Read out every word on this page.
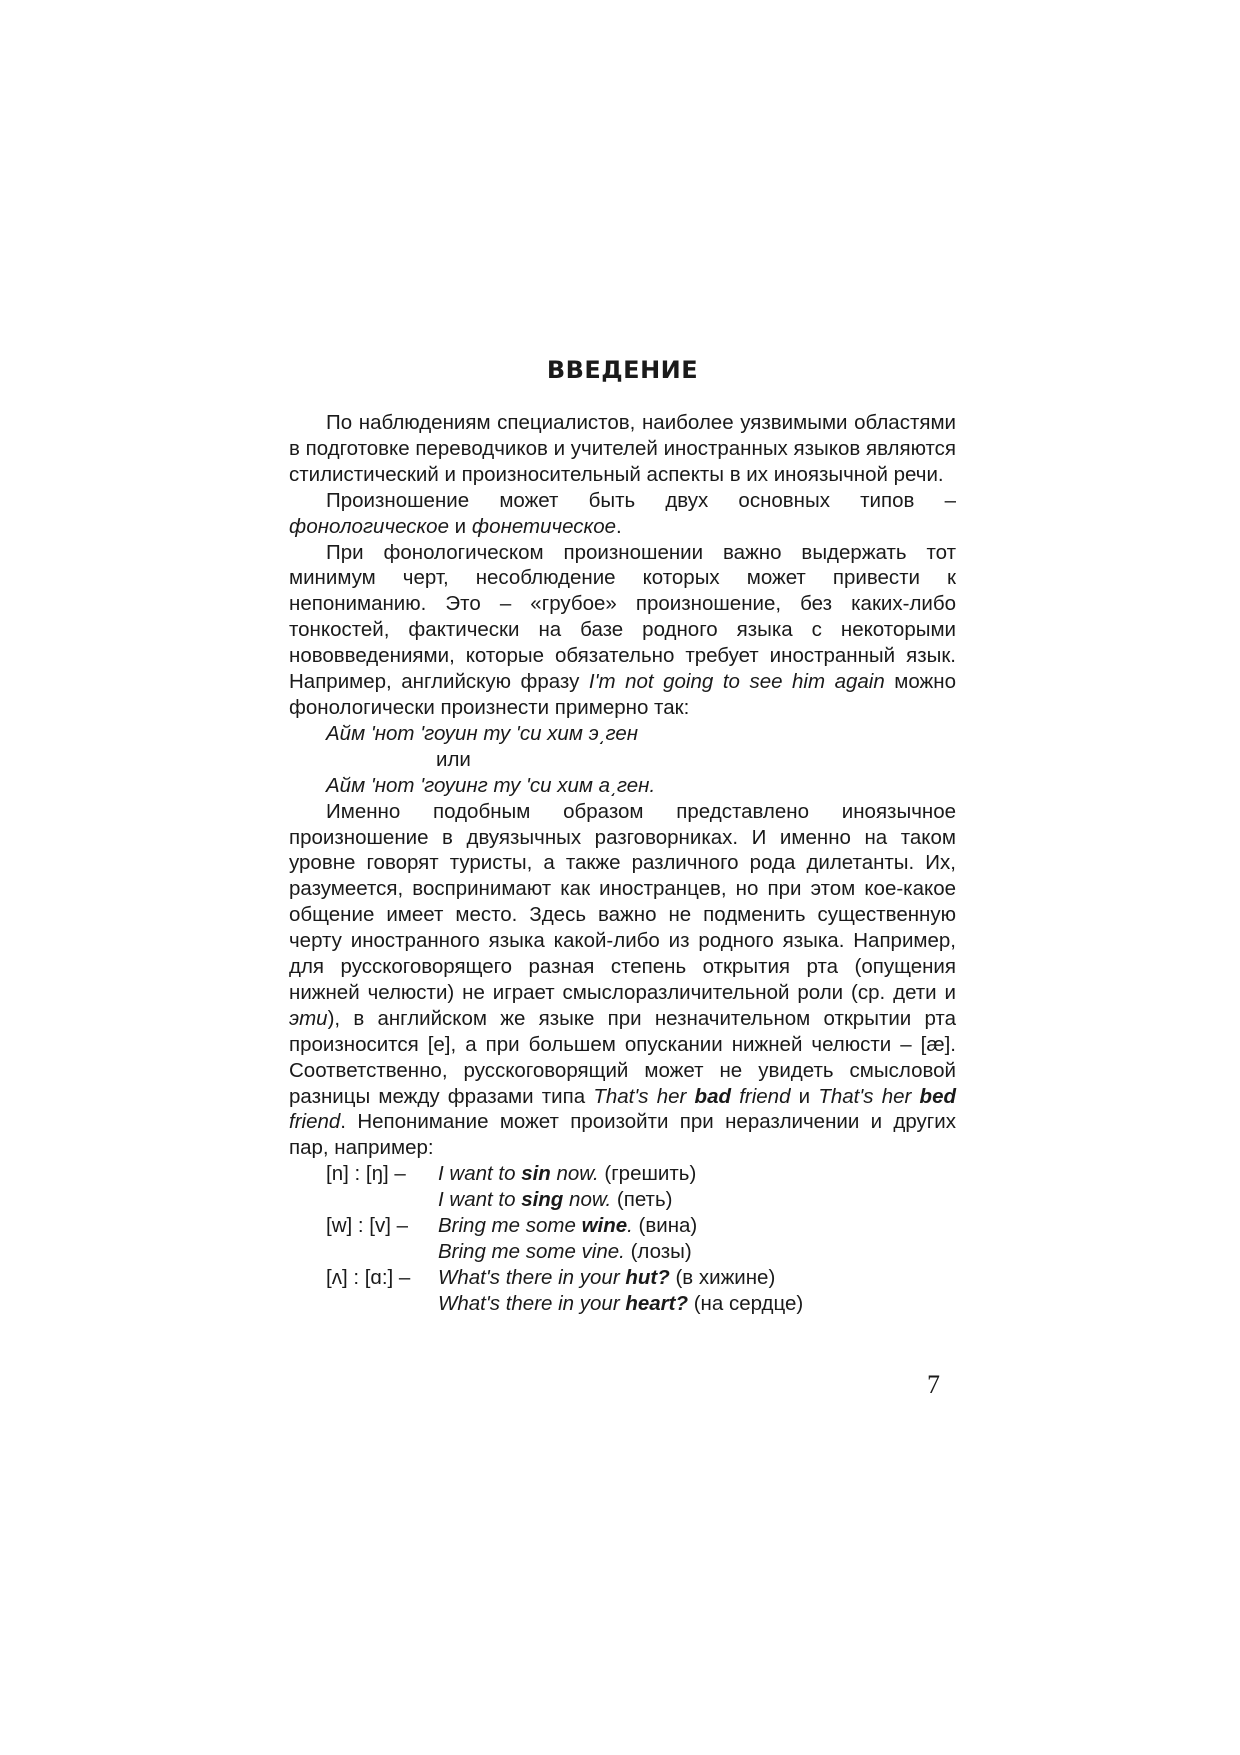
ВВЕДЕНИЕ

По наблюдениям специалистов, наиболее уязвимыми областями в подготовке переводчиков и учителей иностранных языков являются стилистический и произносительный аспекты в их иноязычной речи.

Произношение может быть двух основных типов – фонологическое и фонетическое.

При фонологическом произношении важно выдержать тот минимум черт, несоблюдение которых может привести к непониманию. Это – «грубое» произношение, без каких-либо тонкостей, фактически на базе родного языка с некоторыми нововведениями, которые обязательно требует иностранный язык. Например, английскую фразу I'm not going to see him again можно фонологически произнести примерно так:

Айм 'нот 'гоуин ту 'си хим э͵ген

или

Айм 'нот 'гоуинг ту 'си хим а͵ген.

Именно подобным образом представлено иноязычное произношение в двуязычных разговорниках. И именно на таком уровне говорят туристы, а также различного рода дилетанты. Их, разумеется, воспринимают как иностранцев, но при этом кое-какое общение имеет место. Здесь важно не подменить существенную черту иностранного языка какой-либо из родного языка. Например, для русскоговорящего разная степень открытия рта (опущения нижней челюсти) не играет смыслоразличительной роли (ср. дети и эти), в английском же языке при незначительном открытии рта произносится [e], а при большем опускании нижней челюсти – [æ]. Соответственно, русскоговорящий может не увидеть смысловой разницы между фразами типа That's her bad friend и That's her bed friend. Непонимание может произойти при неразличении и других пар, например:

[n] : [ŋ] –	I want to sin now. (грешить)
I want to sing now. (петь)
[w] : [v] –	Bring me some wine. (вина)
Bring me some vine. (лозы)
[ʌ] : [ɑ:] –	What's there in your hut? (в хижине)
What's there in your heart? (на сердце)
7
